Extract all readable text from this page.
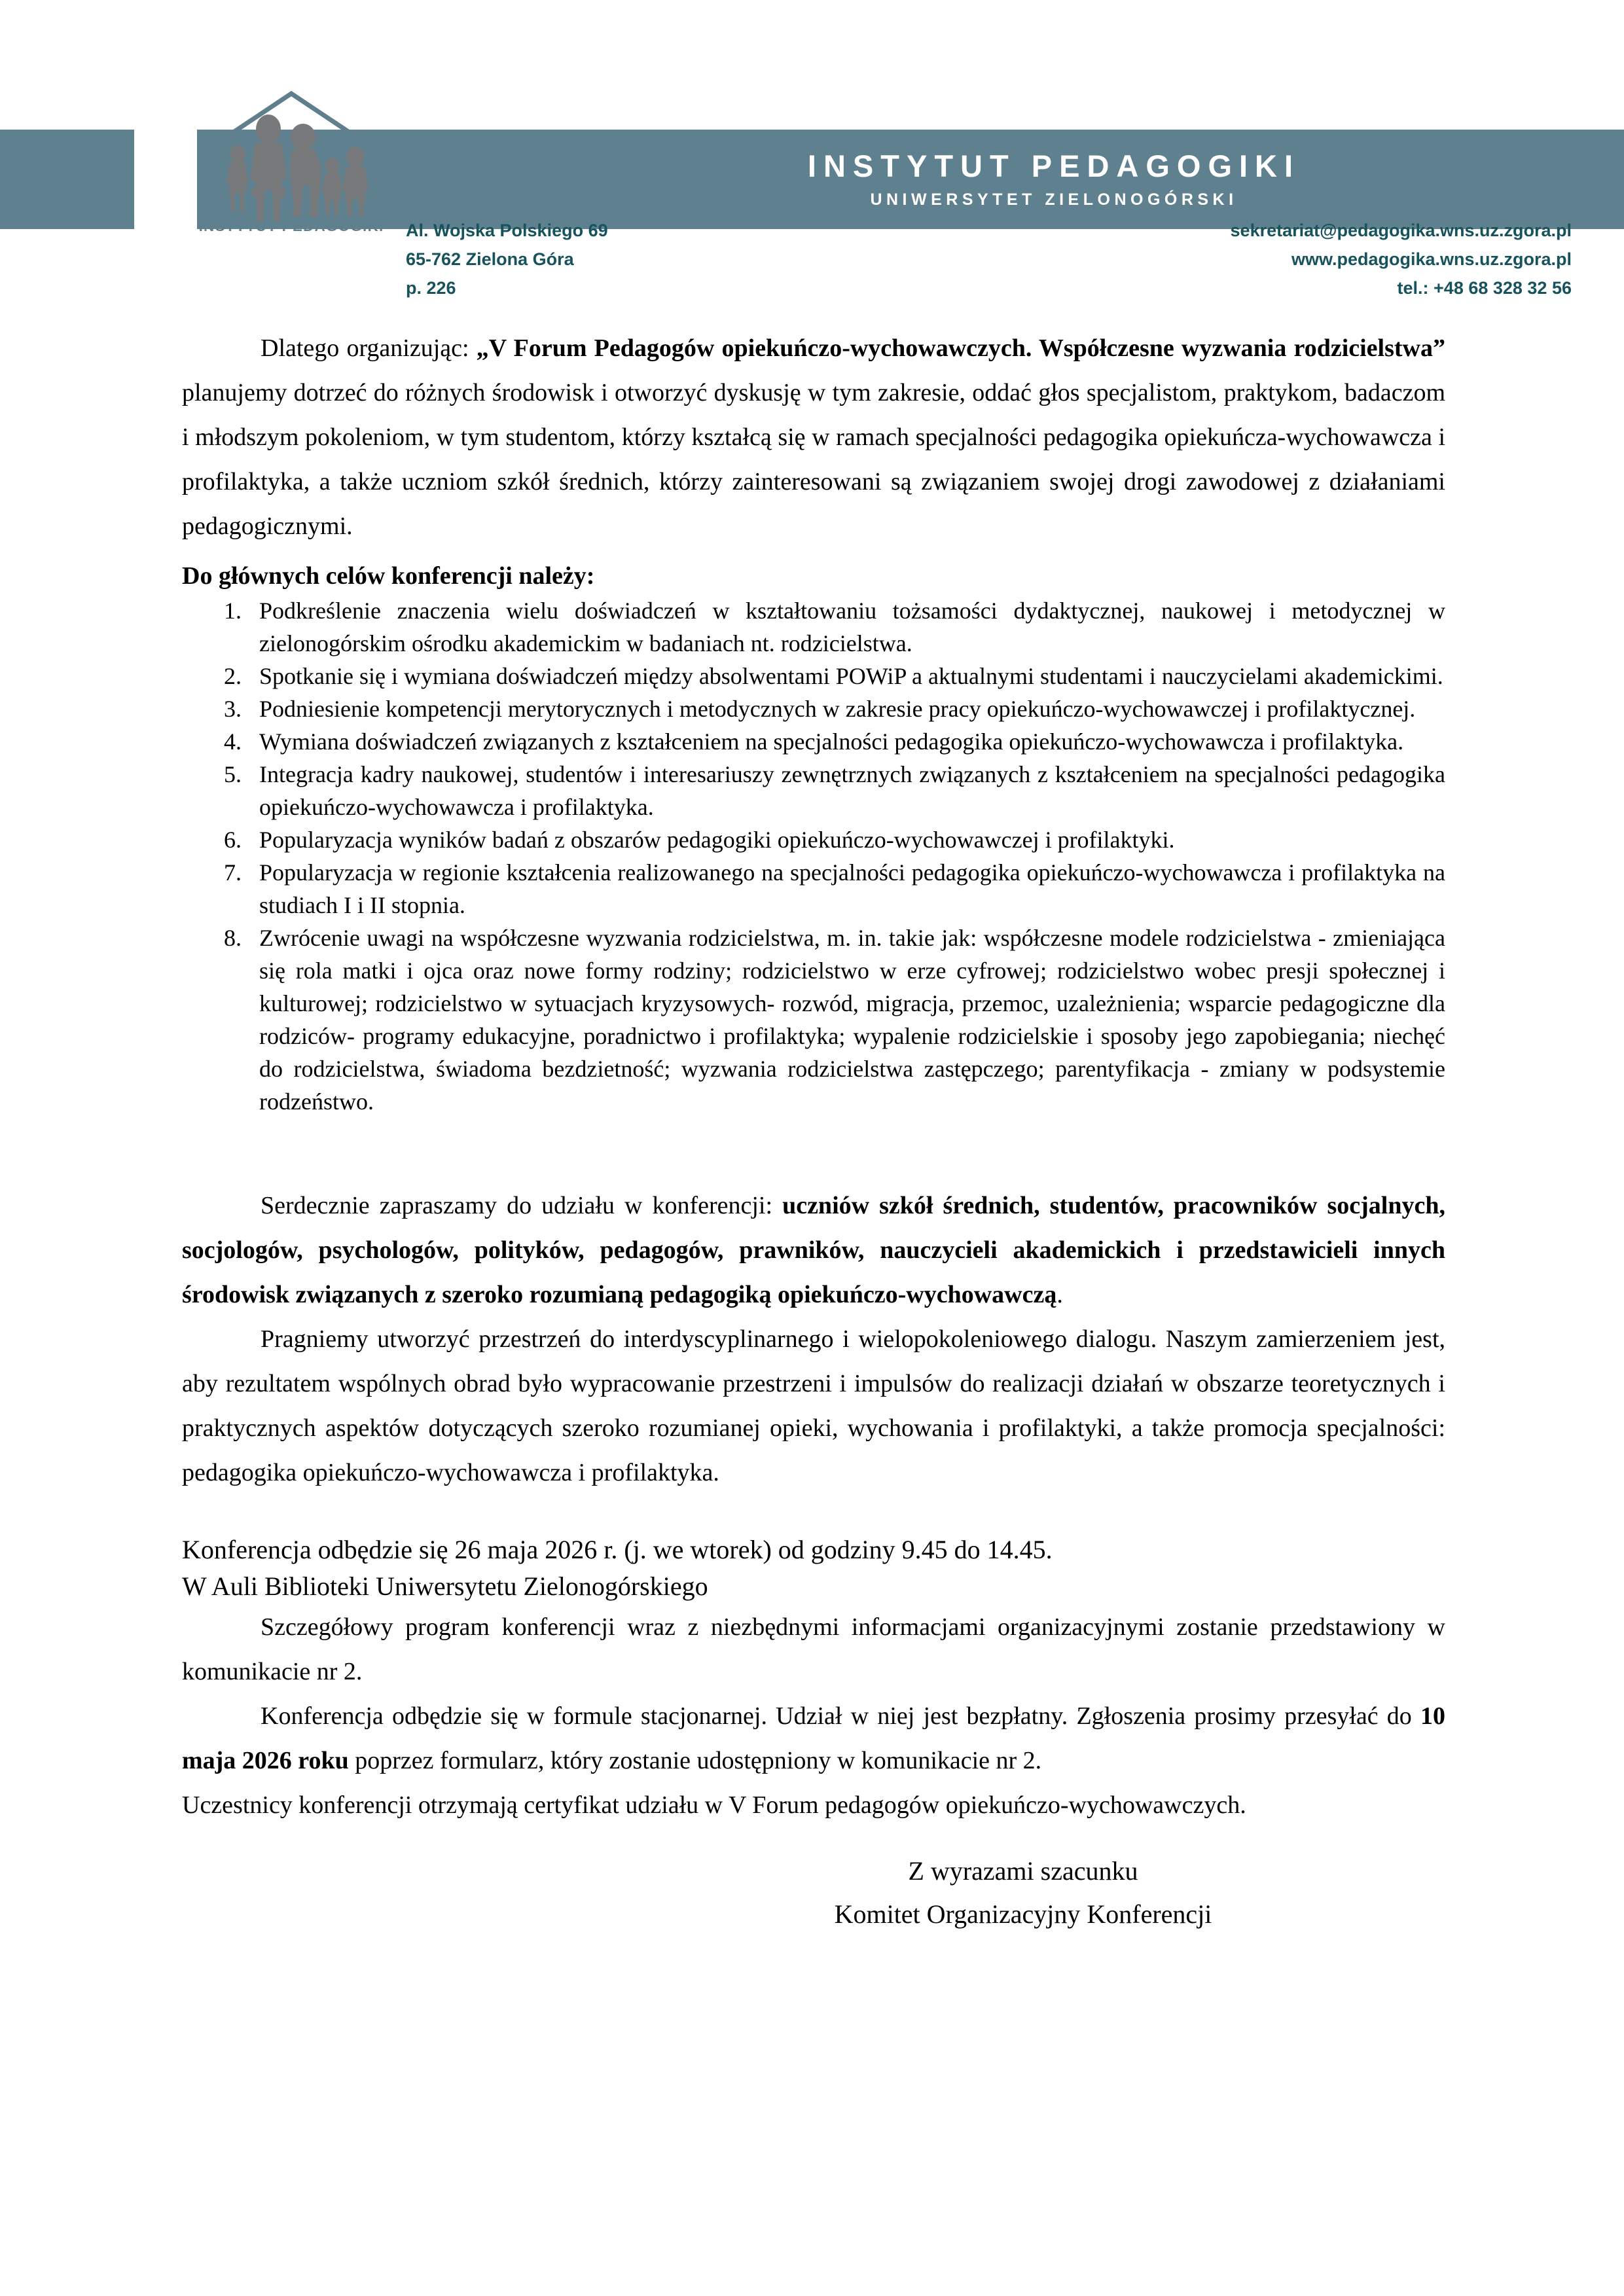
INSTYTUT PEDAGOGIKI
INSTYTUT PEDAGOGIKI
UNIWERSYTET ZIELONOGÓRSKI
Al. Wojska Polskiego 69
65-762 Zielona Góra
p. 226
sekretariat@pedagogika.wns.uz.zgora.pl
www.pedagogika.wns.uz.zgora.pl
tel.: +48 68 328 32 56

Dlatego organizując: „V Forum Pedagogów opiekuńczo-wychowawczych. Współczesne wyzwania rodzicielstwa” planujemy dotrzeć do różnych środowisk i otworzyć dyskusję w tym zakresie, oddać głos specjalistom, praktykom, badaczom i młodszym pokoleniom, w tym studentom, którzy kształcą się w ramach specjalności pedagogika opiekuńcza-wychowawcza i profilaktyka, a także uczniom szkół średnich, którzy zainteresowani są związaniem swojej drogi zawodowej z działaniami pedagogicznymi.

Do głównych celów konferencji należy:
1. Podkreślenie znaczenia wielu doświadczeń w kształtowaniu tożsamości dydaktycznej, naukowej i metodycznej w zielonogórskim ośrodku akademickim w badaniach nt. rodzicielstwa.
2. Spotkanie się i wymiana doświadczeń między absolwentami POWiP a aktualnymi studentami i nauczycielami akademickimi.
3. Podniesienie kompetencji merytorycznych i metodycznych w zakresie pracy opiekuńczo-wychowawczej i profilaktycznej.
4. Wymiana doświadczeń związanych z kształceniem na specjalności pedagogika opiekuńczo-wychowawcza i profilaktyka.
5. Integracja kadry naukowej, studentów i interesariuszy zewnętrznych związanych z kształceniem na specjalności pedagogika opiekuńczo-wychowawcza i profilaktyka.
6. Popularyzacja wyników badań z obszarów pedagogiki opiekuńczo-wychowawczej i profilaktyki.
7. Popularyzacja w regionie kształcenia realizowanego na specjalności pedagogika opiekuńczo-wychowawcza i profilaktyka na studiach I i II stopnia.
8. Zwrócenie uwagi na współczesne wyzwania rodzicielstwa, m. in. takie jak: współczesne modele rodzicielstwa - zmieniająca się rola matki i ojca oraz nowe formy rodziny; rodzicielstwo w erze cyfrowej; rodzicielstwo wobec presji społecznej i kulturowej; rodzicielstwo w sytuacjach kryzysowych- rozwód, migracja, przemoc, uzależnienia; wsparcie pedagogiczne dla rodziców- programy edukacyjne, poradnictwo i profilaktyka; wypalenie rodzicielskie i sposoby jego zapobiegania; niechęć do rodzicielstwa, świadoma bezdzietność; wyzwania rodzicielstwa zastępczego; parentyfikacja - zmiany w podsystemie rodzeństwo.

Serdecznie zapraszamy do udziału w konferencji: uczniów szkół średnich, studentów, pracowników socjalnych, socjologów, psychologów, polityków, pedagogów, prawników, nauczycieli akademickich i przedstawicieli innych środowisk związanych z szeroko rozumianą pedagogiką opiekuńczo-wychowawczą.

Pragniemy utworzyć przestrzeń do interdyscyplinarnego i wielopokoleniowego dialogu. Naszym zamierzeniem jest, aby rezultatem wspólnych obrad było wypracowanie przestrzeni i impulsów do realizacji działań w obszarze teoretycznych i praktycznych aspektów dotyczących szeroko rozumianej opieki, wychowania i profilaktyki, a także promocja specjalności: pedagogika opiekuńczo-wychowawcza i profilaktyka.

Konferencja odbędzie się 26 maja 2026 r. (j. we wtorek) od godziny 9.45 do 14.45.
W Auli Biblioteki Uniwersytetu Zielonogórskiego

Szczegółowy program konferencji wraz z niezbędnymi informacjami organizacyjnymi zostanie przedstawiony w komunikacie nr 2.

Konferencja odbędzie się w formule stacjonarnej. Udział w niej jest bezpłatny. Zgłoszenia prosimy przesyłać do 10 maja 2026 roku poprzez formularz, który zostanie udostępniony w komunikacie nr 2.

Uczestnicy konferencji otrzymają certyfikat udziału w V Forum pedagogów opiekuńczo-wychowawczych.

Z wyrazami szacunku
Komitet Organizacyjny Konferencji
